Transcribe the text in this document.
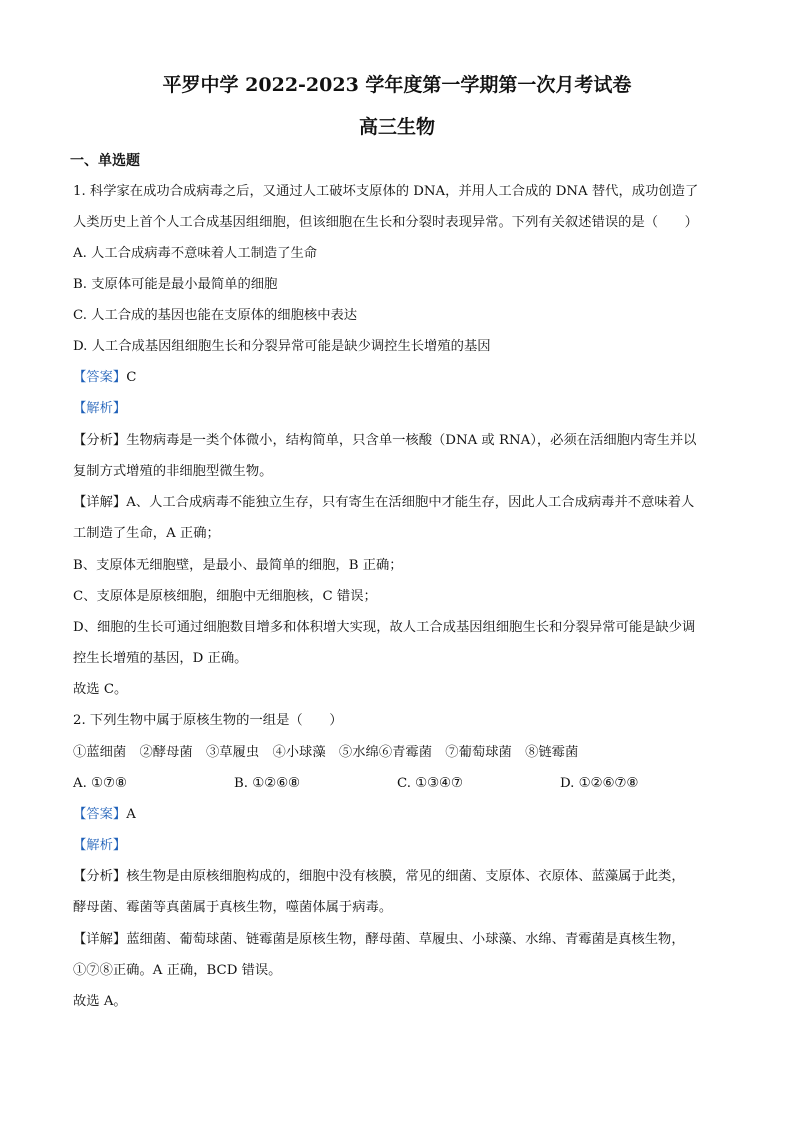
平罗中学 2022-2023 学年度第一学期第一次月考试卷
高三生物
一、单选题
1. 科学家在成功合成病毒之后，又通过人工破坏支原体的 DNA，并用人工合成的 DNA 替代，成功创造了
人类历史上首个人工合成基因组细胞，但该细胞在生长和分裂时表现异常。下列有关叙述错误的是（　　）
A. 人工合成病毒不意味着人工制造了生命
B. 支原体可能是最小最简单的细胞
C. 人工合成的基因也能在支原体的细胞核中表达
D. 人工合成基因组细胞生长和分裂异常可能是缺少调控生长增殖的基因
【答案】C
【解析】
【分析】生物病毒是一类个体微小，结构简单，只含单一核酸（DNA 或 RNA），必须在活细胞内寄生并以
复制方式增殖的非细胞型微生物。
【详解】A、人工合成病毒不能独立生存，只有寄生在活细胞中才能生存，因此人工合成病毒并不意味着人
工制造了生命，A 正确；
B、支原体无细胞壁，是最小、最简单的细胞，B 正确；
C、支原体是原核细胞，细胞中无细胞核，C 错误；
D、细胞的生长可通过细胞数目增多和体积增大实现，故人工合成基因组细胞生长和分裂异常可能是缺少调
控生长增殖的基因，D 正确。
故选 C。
2. 下列生物中属于原核生物的一组是（　　）
①蓝细菌　②酵母菌　③草履虫　④小球藻　⑤水绵⑥青霉菌　⑦葡萄球菌　⑧链霉菌
A. ①⑦⑧	B. ①②⑥⑧	C. ①③④⑦	D. ①②⑥⑦⑧
【答案】A
【解析】
【分析】核生物是由原核细胞构成的，细胞中没有核膜，常见的细菌、支原体、衣原体、蓝藻属于此类，
酵母菌、霉菌等真菌属于真核生物，噬菌体属于病毒。
【详解】蓝细菌、葡萄球菌、链霉菌是原核生物，酵母菌、草履虫、小球藻、水绵、青霉菌是真核生物，
①⑦⑧正确。A 正确，BCD 错误。
故选 A。
